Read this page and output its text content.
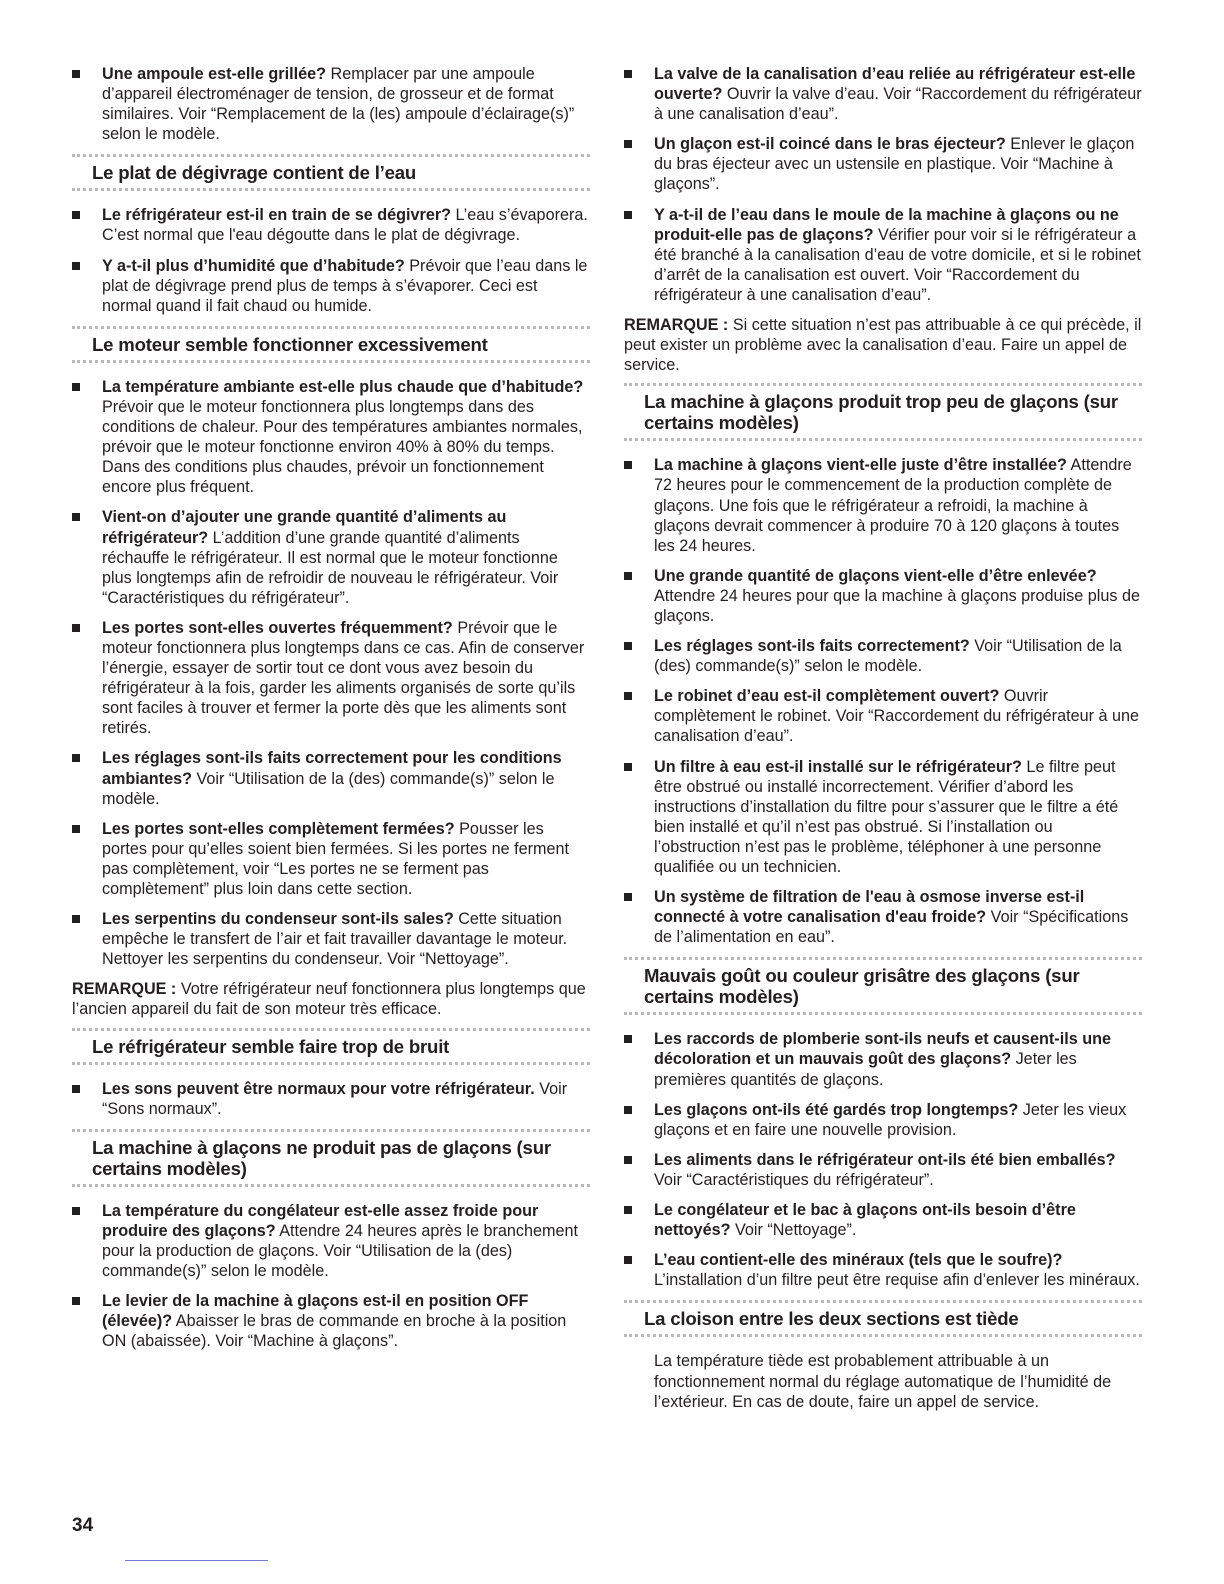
Une ampoule est-elle grillée? Remplacer par une ampoule d’appareil électroménager de tension, de grosseur et de format similaires. Voir “Remplacement de la (les) ampoule d’éclairage(s)” selon le modèle.
Le plat de dégivrage contient de l’eau
Le réfrigérateur est-il en train de se dégivrer? L’eau s’évaporera. C’est normal que l'eau dégoutte dans le plat de dégivrage.
Y a-t-il plus d’humidité que d’habitude? Prévoir que l’eau dans le plat de dégivrage prend plus de temps à s’évaporer. Ceci est normal quand il fait chaud ou humide.
Le moteur semble fonctionner excessivement
La température ambiante est-elle plus chaude que d’habitude? Prévoir que le moteur fonctionnera plus longtemps dans des conditions de chaleur. Pour des températures ambiantes normales, prévoir que le moteur fonctionne environ 40% à 80% du temps. Dans des conditions plus chaudes, prévoir un fonctionnement encore plus fréquent.
Vient-on d’ajouter une grande quantité d’aliments au réfrigérateur? L’addition d’une grande quantité d’aliments réchauffe le réfrigérateur. Il est normal que le moteur fonctionne plus longtemps afin de refroidir de nouveau le réfrigérateur. Voir “Caractéristiques du réfrigérateur”.
Les portes sont-elles ouvertes fréquemment? Prévoir que le moteur fonctionnera plus longtemps dans ce cas. Afin de conserver l’énergie, essayer de sortir tout ce dont vous avez besoin du réfrigérateur à la fois, garder les aliments organisés de sorte qu’ils sont faciles à trouver et fermer la porte dès que les aliments sont retirés.
Les réglages sont-ils faits correctement pour les conditions ambiantes? Voir “Utilisation de la (des) commande(s)” selon le modèle.
Les portes sont-elles complètement fermées? Pousser les portes pour qu’elles soient bien fermées. Si les portes ne ferment pas complètement, voir “Les portes ne se ferment pas complètement” plus loin dans cette section.
Les serpentins du condenseur sont-ils sales? Cette situation empêche le transfert de l’air et fait travailler davantage le moteur. Nettoyer les serpentins du condenseur. Voir “Nettoyage”.

REMARQUE : Votre réfrigérateur neuf fonctionnera plus longtemps que l’ancien appareil du fait de son moteur très efficace.

Le réfrigérateur semble faire trop de bruit
Les sons peuvent être normaux pour votre réfrigérateur. Voir “Sons normaux”.
La machine à glaçons ne produit pas de glaçons (sur certains modèles)
La température du congélateur est-elle assez froide pour produire des glaçons? Attendre 24 heures après le branchement pour la production de glaçons. Voir “Utilisation de la (des) commande(s)” selon le modèle.
Le levier de la machine à glaçons est-il en position OFF (élevée)? Abaisser le bras de commande en broche à la position ON (abaissée). Voir “Machine à glaçons”.
La valve de la canalisation d’eau reliée au réfrigérateur est-elle ouverte? Ouvrir la valve d’eau. Voir “Raccordement du réfrigérateur à une canalisation d’eau”.
Un glaçon est-il coincé dans le bras éjecteur? Enlever le glaçon du bras éjecteur avec un ustensile en plastique. Voir “Machine à glaçons”.
Y a-t-il de l’eau dans le moule de la machine à glaçons ou ne produit-elle pas de glaçons? Vérifier pour voir si le réfrigérateur a été branché à la canalisation d’eau de votre domicile, et si le robinet d’arrêt de la canalisation est ouvert. Voir “Raccordement du réfrigérateur à une canalisation d’eau”.

REMARQUE : Si cette situation n’est pas attribuable à ce qui précède, il peut exister un problème avec la canalisation d’eau. Faire un appel de service.

La machine à glaçons produit trop peu de glaçons (sur certains modèles)
La machine à glaçons vient-elle juste d’être installée? Attendre 72 heures pour le commencement de la production complète de glaçons. Une fois que le réfrigérateur a refroidi, la machine à glaçons devrait commencer à produire 70 à 120 glaçons à toutes les 24 heures.
Une grande quantité de glaçons vient-elle d’être enlevée? Attendre 24 heures pour que la machine à glaçons produise plus de glaçons.
Les réglages sont-ils faits correctement? Voir “Utilisation de la (des) commande(s)” selon le modèle.
Le robinet d’eau est-il complètement ouvert? Ouvrir complètement le robinet. Voir “Raccordement du réfrigérateur à une canalisation d’eau”.
Un filtre à eau est-il installé sur le réfrigérateur? Le filtre peut être obstrué ou installé incorrectement. Vérifier d’abord les instructions d’installation du filtre pour s’assurer que le filtre a été bien installé et qu’il n’est pas obstrué. Si l’installation ou l’obstruction n’est pas le problème, téléphoner à une personne qualifiée ou un technicien.
Un système de filtration de l'eau à osmose inverse est-il connecté à votre canalisation d'eau froide? Voir “Spécifications de l’alimentation en eau”.
Mauvais goût ou couleur grisâtre des glaçons (sur certains modèles)
Les raccords de plomberie sont-ils neufs et causent-ils une décoloration et un mauvais goût des glaçons? Jeter les premières quantités de glaçons.
Les glaçons ont-ils été gardés trop longtemps? Jeter les vieux glaçons et en faire une nouvelle provision.
Les aliments dans le réfrigérateur ont-ils été bien emballés? Voir “Caractéristiques du réfrigérateur”.
Le congélateur et le bac à glaçons ont-ils besoin d’être nettoyés? Voir “Nettoyage”.
L’eau contient-elle des minéraux (tels que le soufre)? L’installation d’un filtre peut être requise afin d’enlever les minéraux.
La cloison entre les deux sections est tiède

La température tiède est probablement attribuable à un fonctionnement normal du réglage automatique de l’humidité de l’extérieur. En cas de doute, faire un appel de service.

34
